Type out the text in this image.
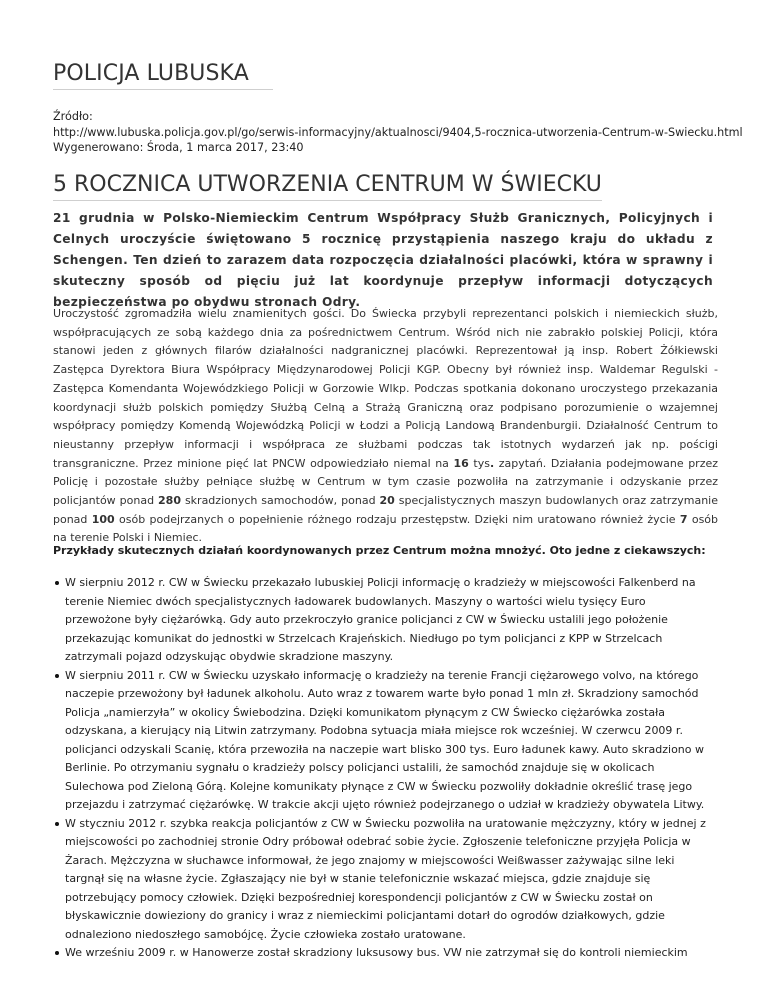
POLICJA LUBUSKA
Źródło:
http://www.lubuska.policja.gov.pl/go/serwis-informacyjny/aktualnosci/9404,5-rocznica-utworzenia-Centrum-w-Swiecku.html
Wygenerowano: Środa, 1 marca 2017, 23:40
5 ROCZNICA UTWORZENIA CENTRUM W ŚWIECKU

21 grudnia w Polsko-Niemieckim Centrum Współpracy Służb Granicznych, Policyjnych i Celnych uroczyście świętowano 5 rocznicę przystąpienia naszego kraju do układu z Schengen. Ten dzień to zarazem data rozpoczęcia działalności placówki, która w sprawny i skuteczny sposób od pięciu już lat koordynuje przepływ informacji dotyczących bezpieczeństwa po obydwu stronach Odry.

Uroczystość zgromadziła wielu znamienitych gości. Do Świecka przybyli reprezentanci polskich i niemieckich służb, współpracujących ze sobą każdego dnia za pośrednictwem Centrum. Wśród nich nie zabrakło polskiej Policji, która stanowi jeden z głównych filarów działalności nadgranicznej placówki. Reprezentował ją insp. Robert Żółkiewski Zastępca Dyrektora Biura Współpracy Międzynarodowej Policji KGP. Obecny był również insp. Waldemar Regulski - Zastępca Komendanta Wojewódzkiego Policji w Gorzowie Wlkp. Podczas spotkania dokonano uroczystego przekazania koordynacji służb polskich pomiędzy Służbą Celną a Strażą Graniczną oraz podpisano porozumienie o wzajemnej współpracy pomiędzy Komendą Wojewódzką Policji w Łodzi a Policją Landową Brandenburgii. Działalność Centrum to nieustanny przepływ informacji i współpraca ze służbami podczas tak istotnych wydarzeń jak np. pościgi transgraniczne. Przez minione pięć lat PNCW odpowiedziało niemal na 16 tys. zapytań. Działania podejmowane przez Policję i pozostałe służby pełniące służbę w Centrum w tym czasie pozwoliła na zatrzymanie i odzyskanie przez policjantów ponad 280 skradzionych samochodów, ponad 20 specjalistycznych maszyn budowlanych oraz zatrzymanie ponad 100 osób podejrzanych o popełnienie różnego rodzaju przestępstw. Dzięki nim uratowano również życie 7 osób na terenie Polski i Niemiec.

Przykłady skutecznych działań koordynowanych przez Centrum można mnożyć. Oto jedne z ciekawszych:

W sierpniu 2012 r. CW w Świecku przekazało lubuskiej Policji informację o kradzieży w miejscowości Falkenberd na terenie Niemiec dwóch specjalistycznych ładowarek budowlanych. Maszyny o wartości wielu tysięcy Euro przewożone były ciężarówką. Gdy auto przekroczyło granice policjanci z CW w Świecku ustalili jego położenie przekazując komunikat do jednostki w Strzelcach Krajeńskich. Niedługo po tym policjanci z KPP w Strzelcach zatrzymali pojazd odzyskując obydwie skradzione maszyny.
W sierpniu 2011 r. CW w Świecku uzyskało informację o kradzieży na terenie Francji ciężarowego volvo, na którego naczepie przewożony był ładunek alkoholu. Auto wraz z towarem warte było ponad 1 mln zł. Skradziony samochód Policja „namierzyła” w okolicy Świebodzina. Dzięki komunikatom płynącym z CW Świecko ciężarówka została odzyskana, a kierujący nią Litwin zatrzymany. Podobna sytuacja miała miejsce rok wcześniej. W czerwcu 2009 r. policjanci odzyskali Scanię, która przewoziła na naczepie wart blisko 300 tys. Euro ładunek kawy. Auto skradziono w Berlinie. Po otrzymaniu sygnału o kradzieży polscy policjanci ustalili, że samochód znajduje się w okolicach Sulechowa pod Zieloną Górą. Kolejne komunikaty płynące z CW w Świecku pozwoliły dokładnie określić trasę jego przejazdu i zatrzymać ciężarówkę. W trakcie akcji ujęto również podejrzanego o udział w kradzieży obywatela Litwy.
W styczniu 2012 r. szybka reakcja policjantów z CW w Świecku pozwoliła na uratowanie mężczyzny, który w jednej z miejscowości po zachodniej stronie Odry próbował odebrać sobie życie. Zgłoszenie telefoniczne przyjęła Policja w Żarach. Mężczyzna w słuchawce informował, że jego znajomy w miejscowości Weißwasser zażywając silne leki targnął się na własne życie. Zgłaszający nie był w stanie telefonicznie wskazać miejsca, gdzie znajduje się potrzebujący pomocy człowiek. Dzięki bezpośredniej korespondencji policjantów z CW w Świecku został on błyskawicznie dowieziony do granicy i wraz z niemieckimi policjantami dotarł do ogrodów działkowych, gdzie odnaleziono niedoszłego samobójcę. Życie człowieka zostało uratowane.
We wrześniu 2009 r. w Hanowerze został skradziony luksusowy bus. VW nie zatrzymał się do kontroli niemieckim
